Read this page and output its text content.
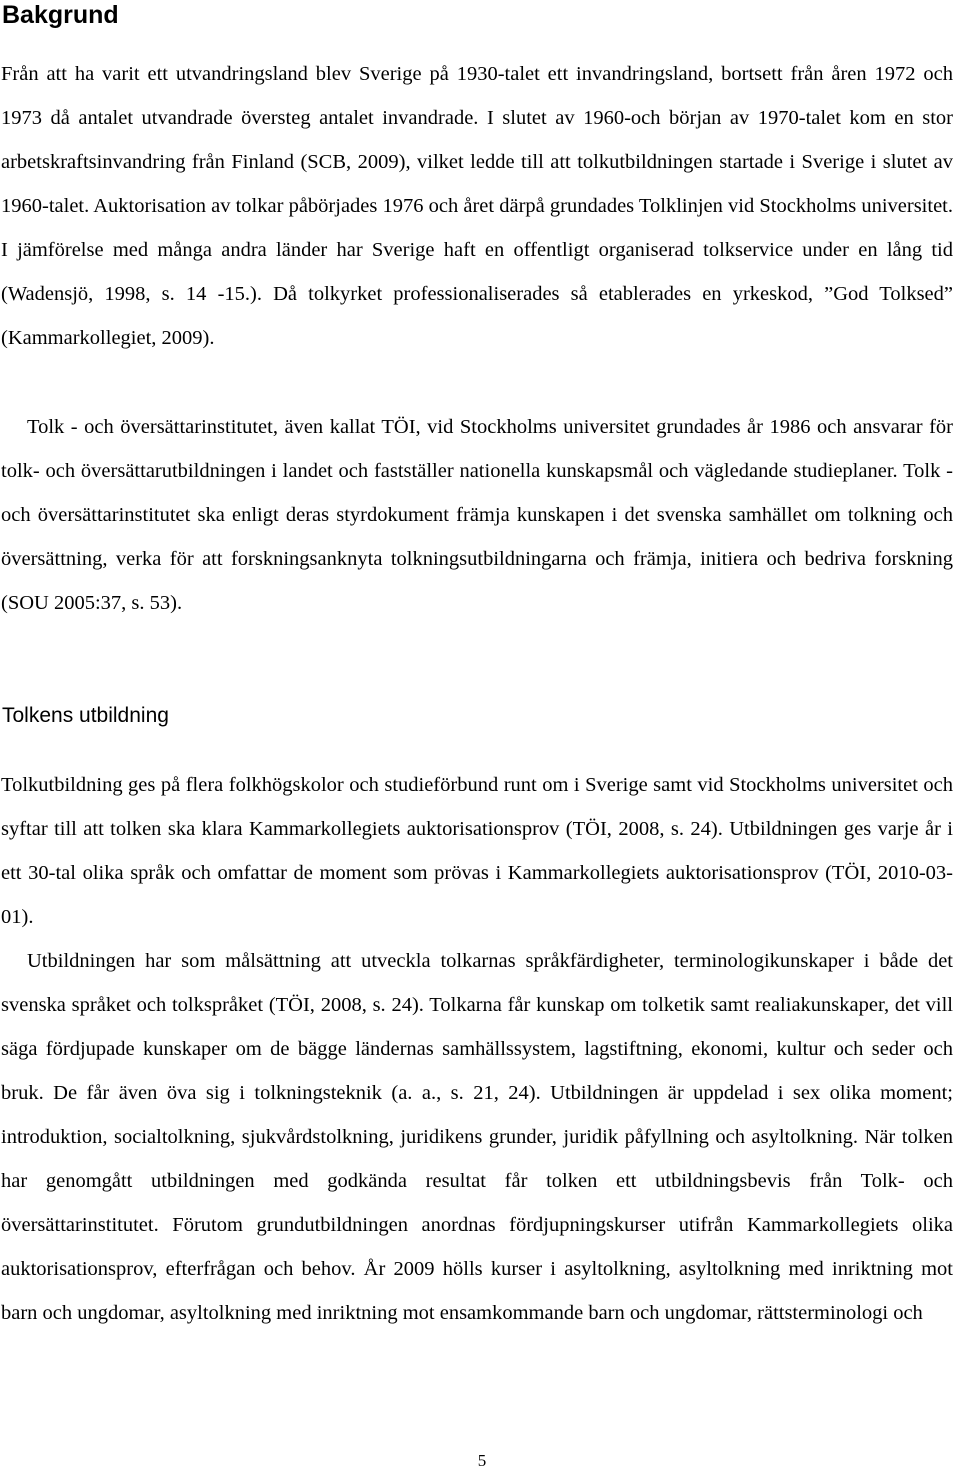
Bakgrund

Från att ha varit ett utvandringsland blev Sverige på 1930-talet ett invandringsland, bortsett från åren 1972 och 1973 då antalet utvandrade översteg antalet invandrade. I slutet av 1960-och början av 1970-talet kom en stor arbetskraftsinvandring från Finland (SCB, 2009), vilket ledde till att tolkutbildningen startade i Sverige i slutet av 1960-talet. Auktorisation av tolkar påbörjades 1976 och året därpå grundades Tolklinjen vid Stockholms universitet. I jämförelse med många andra länder har Sverige haft en offentligt organiserad tolkservice under en lång tid (Wadensjö, 1998, s. 14 -15.). Då tolkyrket professionaliserades så etablerades en yrkeskod, ”God Tolksed” (Kammarkollegiet, 2009).

Tolk - och översättarinstitutet, även kallat TÖI, vid Stockholms universitet grundades år 1986 och ansvarar för tolk- och översättarutbildningen i landet och fastställer nationella kunskapsmål och vägledande studieplaner. Tolk - och översättarinstitutet ska enligt deras styrdokument främja kunskapen i det svenska samhället om tolkning och översättning, verka för att forskningsanknyta tolkningsutbildningarna och främja, initiera och bedriva forskning (SOU 2005:37, s. 53).

Tolkens utbildning

Tolkutbildning ges på flera folkhögskolor och studieförbund runt om i Sverige samt vid Stockholms universitet och syftar till att tolken ska klara Kammarkollegiets auktorisationsprov (TÖI, 2008, s. 24). Utbildningen ges varje år i ett 30-tal olika språk och omfattar de moment som prövas i Kammarkollegiets auktorisationsprov (TÖI, 2010-03-01).

Utbildningen har som målsättning att utveckla tolkarnas språkfärdigheter, terminologikunskaper i både det svenska språket och tolkspråket (TÖI, 2008, s. 24). Tolkarna får kunskap om tolketik samt realiakunskaper, det vill säga fördjupade kunskaper om de bägge ländernas samhällssystem, lagstiftning, ekonomi, kultur och seder och bruk. De får även öva sig i tolkningsteknik (a. a., s. 21, 24). Utbildningen är uppdelad i sex olika moment; introduktion, socialtolkning, sjukvårdstolkning, juridikens grunder, juridik påfyllning och asyltolkning. När tolken har genomgått utbildningen med godkända resultat får tolken ett utbildningsbevis från Tolk- och översättarinstitutet. Förutom grundutbildningen anordnas fördjupningskurser utifrån Kammarkollegiets olika auktorisationsprov, efterfrågan och behov. År 2009 hölls kurser i asyltolkning, asyltolkning med inriktning mot barn och ungdomar, asyltolkning med inriktning mot ensamkommande barn och ungdomar, rättsterminologi och

5
